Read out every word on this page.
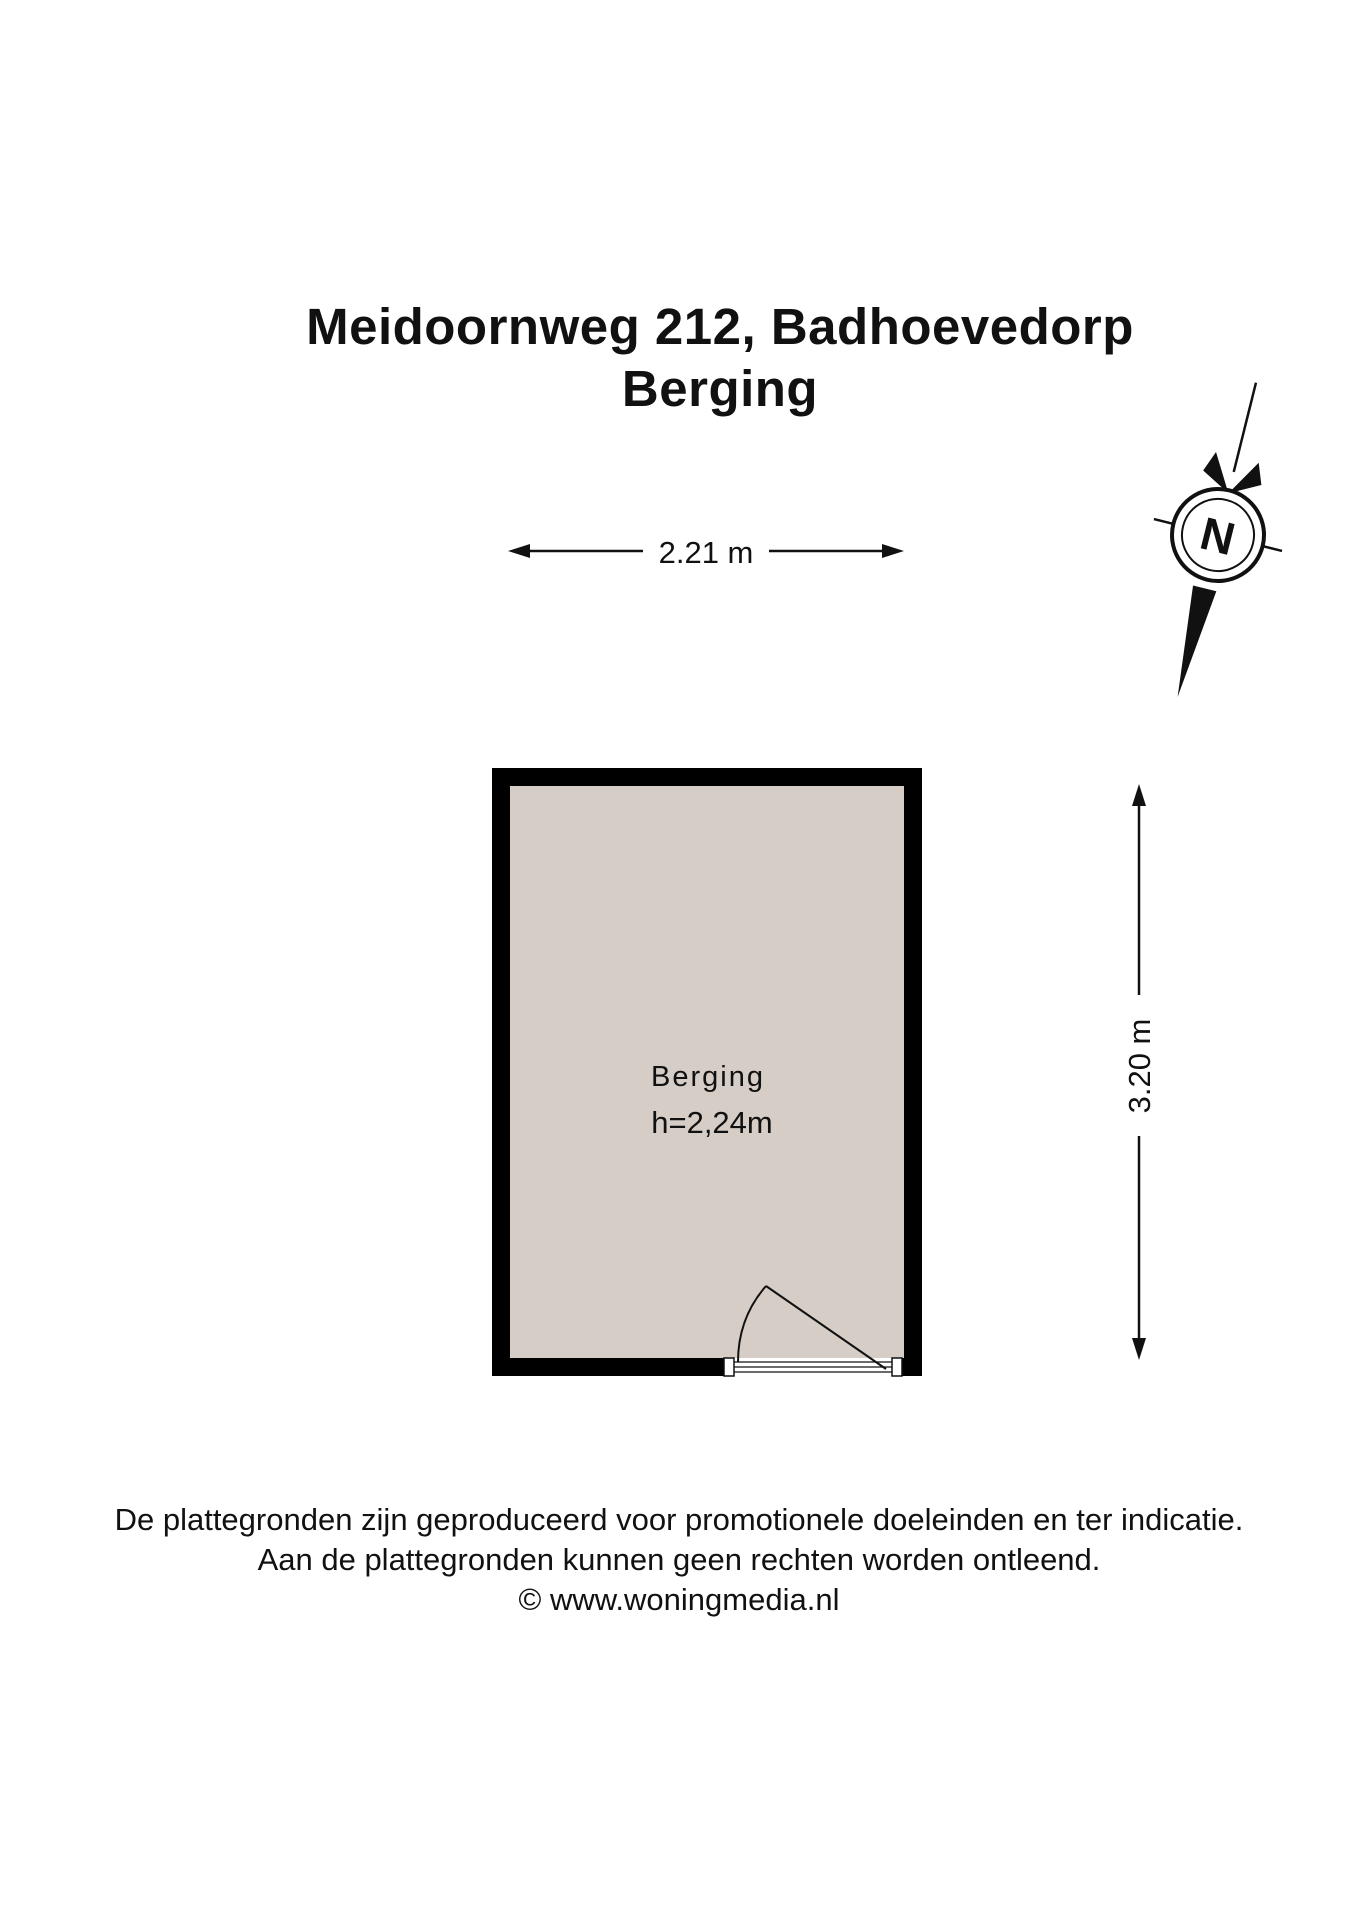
Meidoornweg 212, Badhoevedorp
Berging
2.21 m
3.20 m
Berging
h=2,24m
N
De plattegronden zijn geproduceerd voor promotionele doeleinden en ter indicatie.
Aan de plattegronden kunnen geen rechten worden ontleend.
© www.woningmedia.nl
